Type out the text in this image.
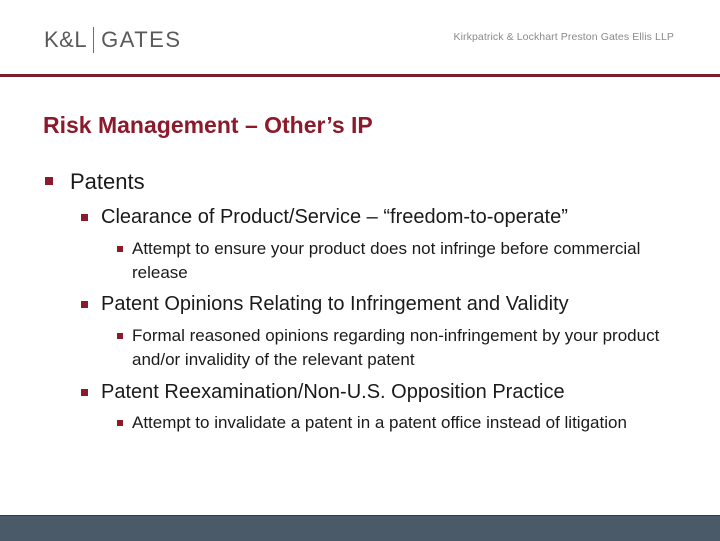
K&L GATES	Kirkpatrick & Lockhart Preston Gates Ellis LLP
Risk Management – Other’s IP
Patents
Clearance of Product/Service – “freedom-to-operate”
Attempt to ensure your product does not infringe before commercial release
Patent Opinions Relating to Infringement and Validity
Formal reasoned opinions regarding non-infringement by your product and/or invalidity of the relevant patent
Patent Reexamination/Non-U.S. Opposition Practice
Attempt to invalidate a patent in a patent office instead of litigation
